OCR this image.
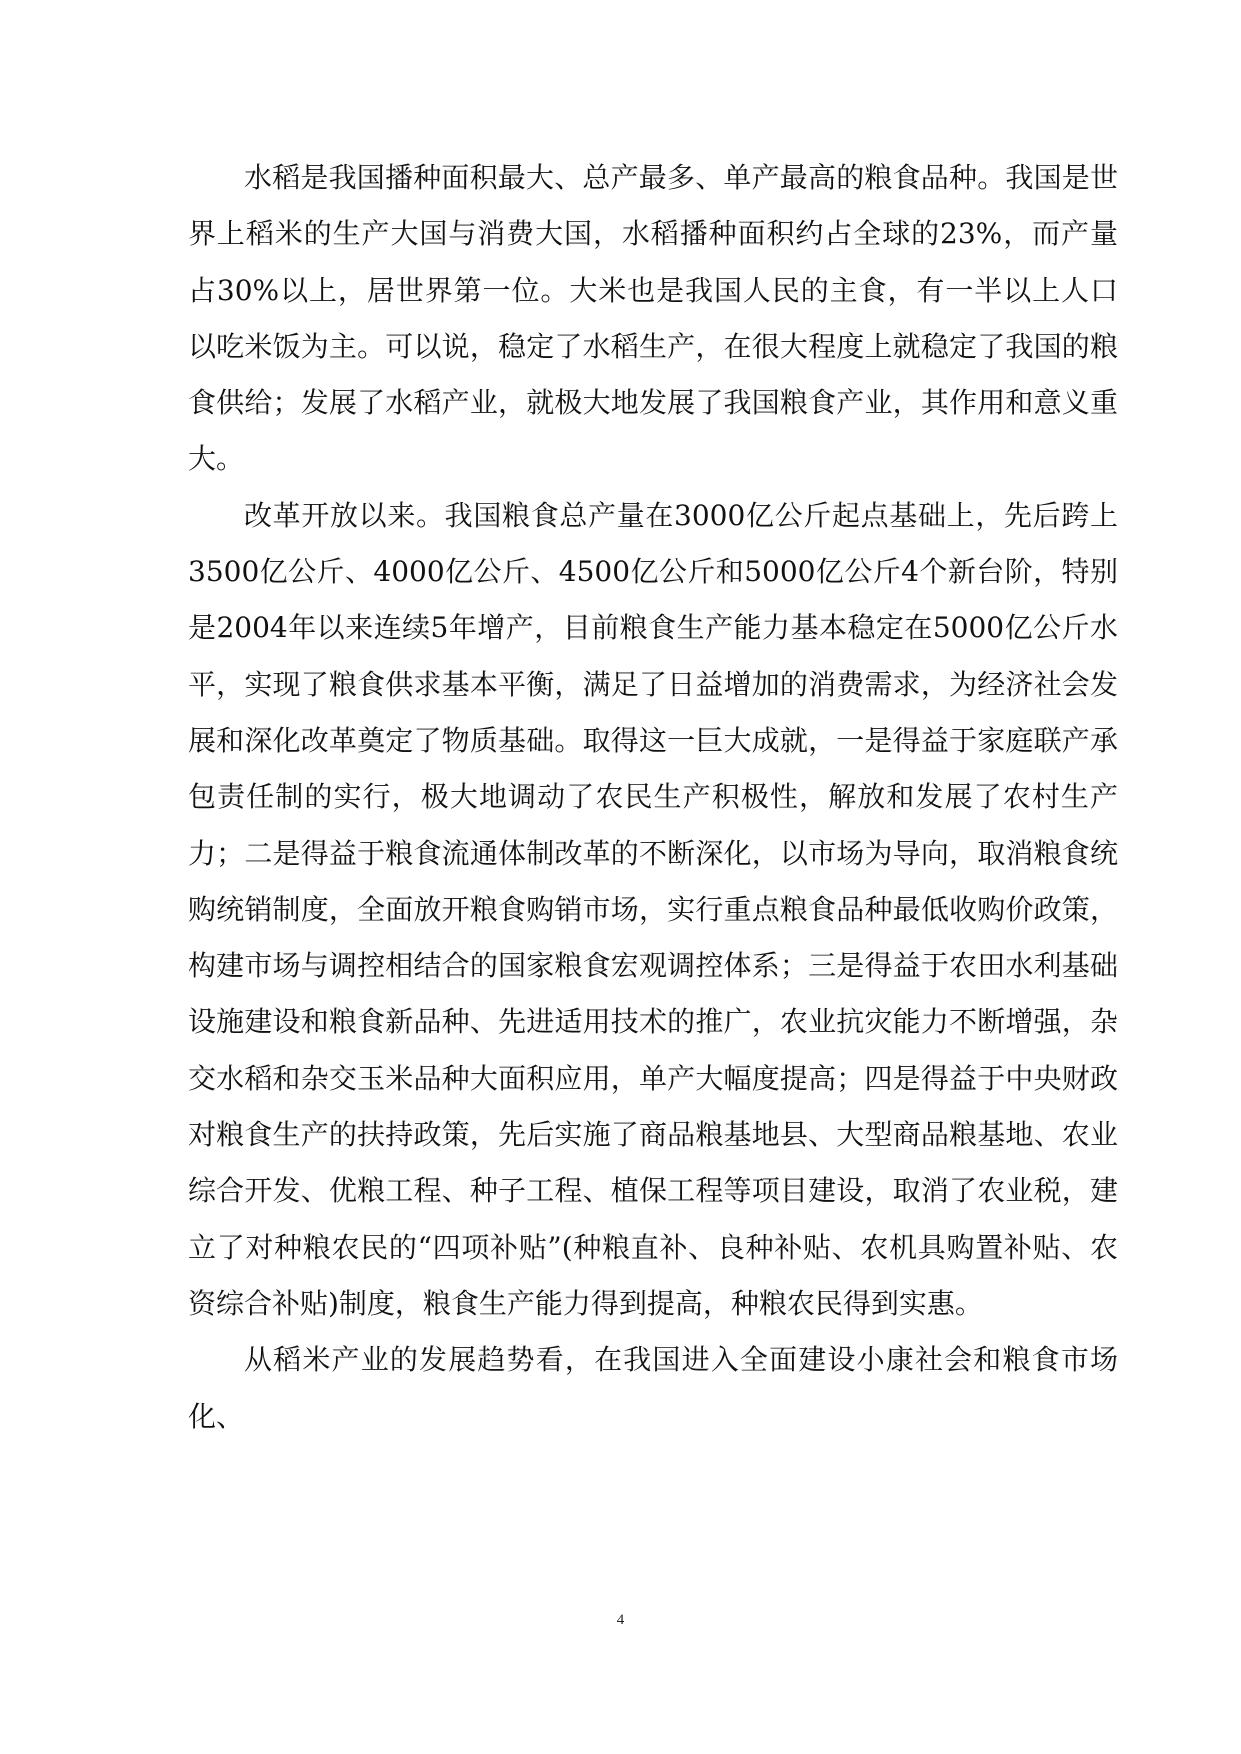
水稻是我国播种面积最大、总产最多、单产最高的粮食品种。我国是世界上稻米的生产大国与消费大国，水稻播种面积约占全球的23%，而产量占30%以上，居世界第一位。大米也是我国人民的主食，有一半以上人口以吃米饭为主。可以说，稳定了水稻生产，在很大程度上就稳定了我国的粮食供给；发展了水稻产业，就极大地发展了我国粮食产业，其作用和意义重大。

改革开放以来。我国粮食总产量在3000亿公斤起点基础上，先后跨上3500亿公斤、4000亿公斤、4500亿公斤和5000亿公斤4个新台阶，特别是2004年以来连续5年增产，目前粮食生产能力基本稳定在5000亿公斤水平，实现了粮食供求基本平衡，满足了日益增加的消费需求，为经济社会发展和深化改革奠定了物质基础。取得这一巨大成就，一是得益于家庭联产承包责任制的实行，极大地调动了农民生产积极性，解放和发展了农村生产力；二是得益于粮食流通体制改革的不断深化，以市场为导向，取消粮食统购统销制度，全面放开粮食购销市场，实行重点粮食品种最低收购价政策，构建市场与调控相结合的国家粮食宏观调控体系；三是得益于农田水利基础设施建设和粮食新品种、先进适用技术的推广，农业抗灾能力不断增强，杂交水稻和杂交玉米品种大面积应用，单产大幅度提高；四是得益于中央财政对粮食生产的扶持政策，先后实施了商品粮基地县、大型商品粮基地、农业综合开发、优粮工程、种子工程、植保工程等项目建设，取消了农业税，建立了对种粮农民的“四项补贴”(种粮直补、良种补贴、农机具购置补贴、农资综合补贴)制度，粮食生产能力得到提高，种粮农民得到实惠。

从稻米产业的发展趋势看，在我国进入全面建设小康社会和粮食市场化、

4
